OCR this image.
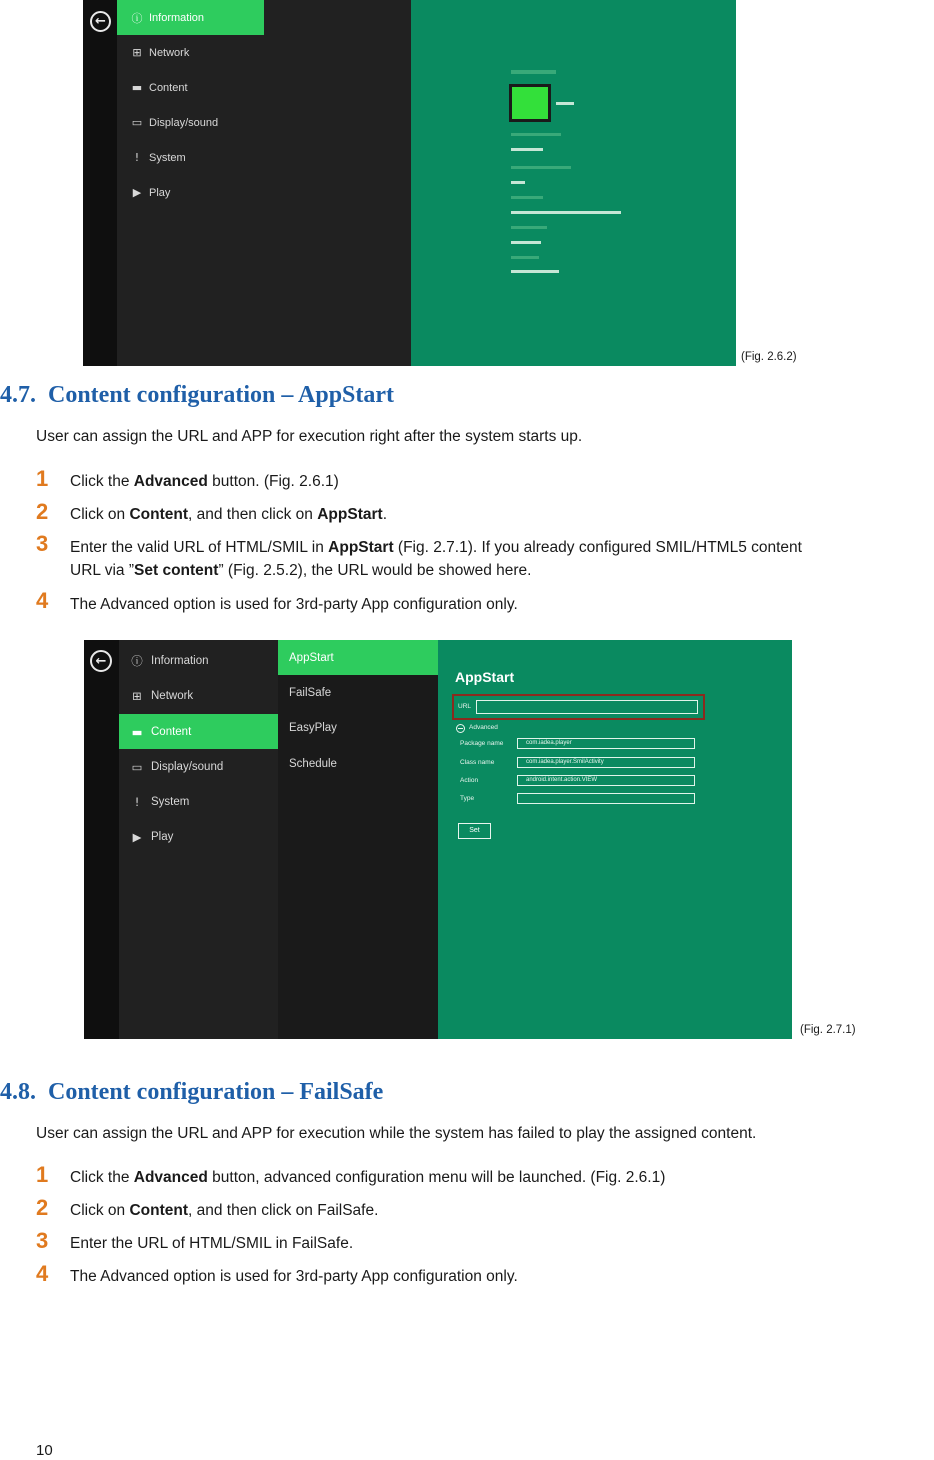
←	ⓘ Information
⊞ Network
▬ Content
▭ Display/sound
! System
▶ Play
(Fig. 2.6.2)
4.7.  Content configuration – AppStart
User can assign the URL and APP for execution right after the system starts up.
1 Click the Advanced button. (Fig. 2.6.1)
2 Click on Content, and then click on AppStart.
3 Enter the valid URL of HTML/SMIL in AppStart (Fig. 2.7.1). If you already configured SMIL/HTML5 content
URL via ”Set content” (Fig. 2.5.2), the URL would be showed here.
4 The Advanced option is used for 3rd-party App configuration only.
←	ⓘ Information
⊞ Network
▬ Content
▭ Display/sound
!	System
▶ Play
AppStart
FailSafe
EasyPlay
Schedule
AppStart
URL
Advanced
Package name	com.iadea.player
Class name	com.iadea.player.SmilActivity
Action	android.intent.action.VIEW
Type
Set
(Fig. 2.7.1)
4.8.  Content configuration – FailSafe
User can assign the URL and APP for execution while the system has failed to play the assigned content.
1 Click the Advanced button, advanced configuration menu will be launched. (Fig. 2.6.1)
2 Click on Content, and then click on FailSafe.
3 Enter the URL of HTML/SMIL in FailSafe.
4 The Advanced option is used for 3rd-party App configuration only.
10
